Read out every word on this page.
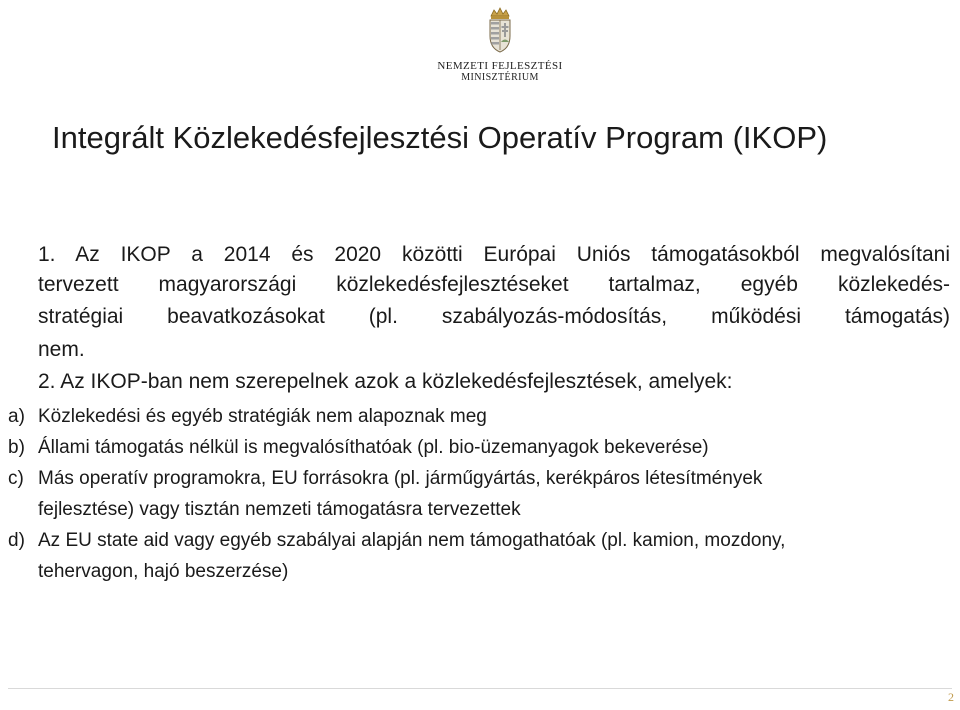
NEMZETI FEJLESZTÉSI
MINISZTÉRIUM
Integrált Közlekedésfejlesztési Operatív Program (IKOP)
1. Az IKOP a 2014 és 2020 közötti Európai Uniós támogatásokból megvalósítani
tervezett magyarországi közlekedésfejlesztéseket tartalmaz, egyéb közlekedés-
stratégiai beavatkozásokat (pl. szabályozás-módosítás, működési támogatás)
nem.
2. Az IKOP-ban nem szerepelnek azok a közlekedésfejlesztések, amelyek:
a) Közlekedési és egyéb stratégiák nem alapoznak meg
b) Állami támogatás nélkül is megvalósíthatóak (pl. bio-üzemanyagok bekeverése)
c) Más operatív programokra, EU forrásokra (pl. járműgyártás, kerékpáros létesítmények
fejlesztése) vagy tisztán nemzeti támogatásra tervezettek
d) Az EU state aid vagy egyéb szabályai alapján nem támogathatóak (pl. kamion, mozdony,
tehervagon, hajó beszerzése)
2
